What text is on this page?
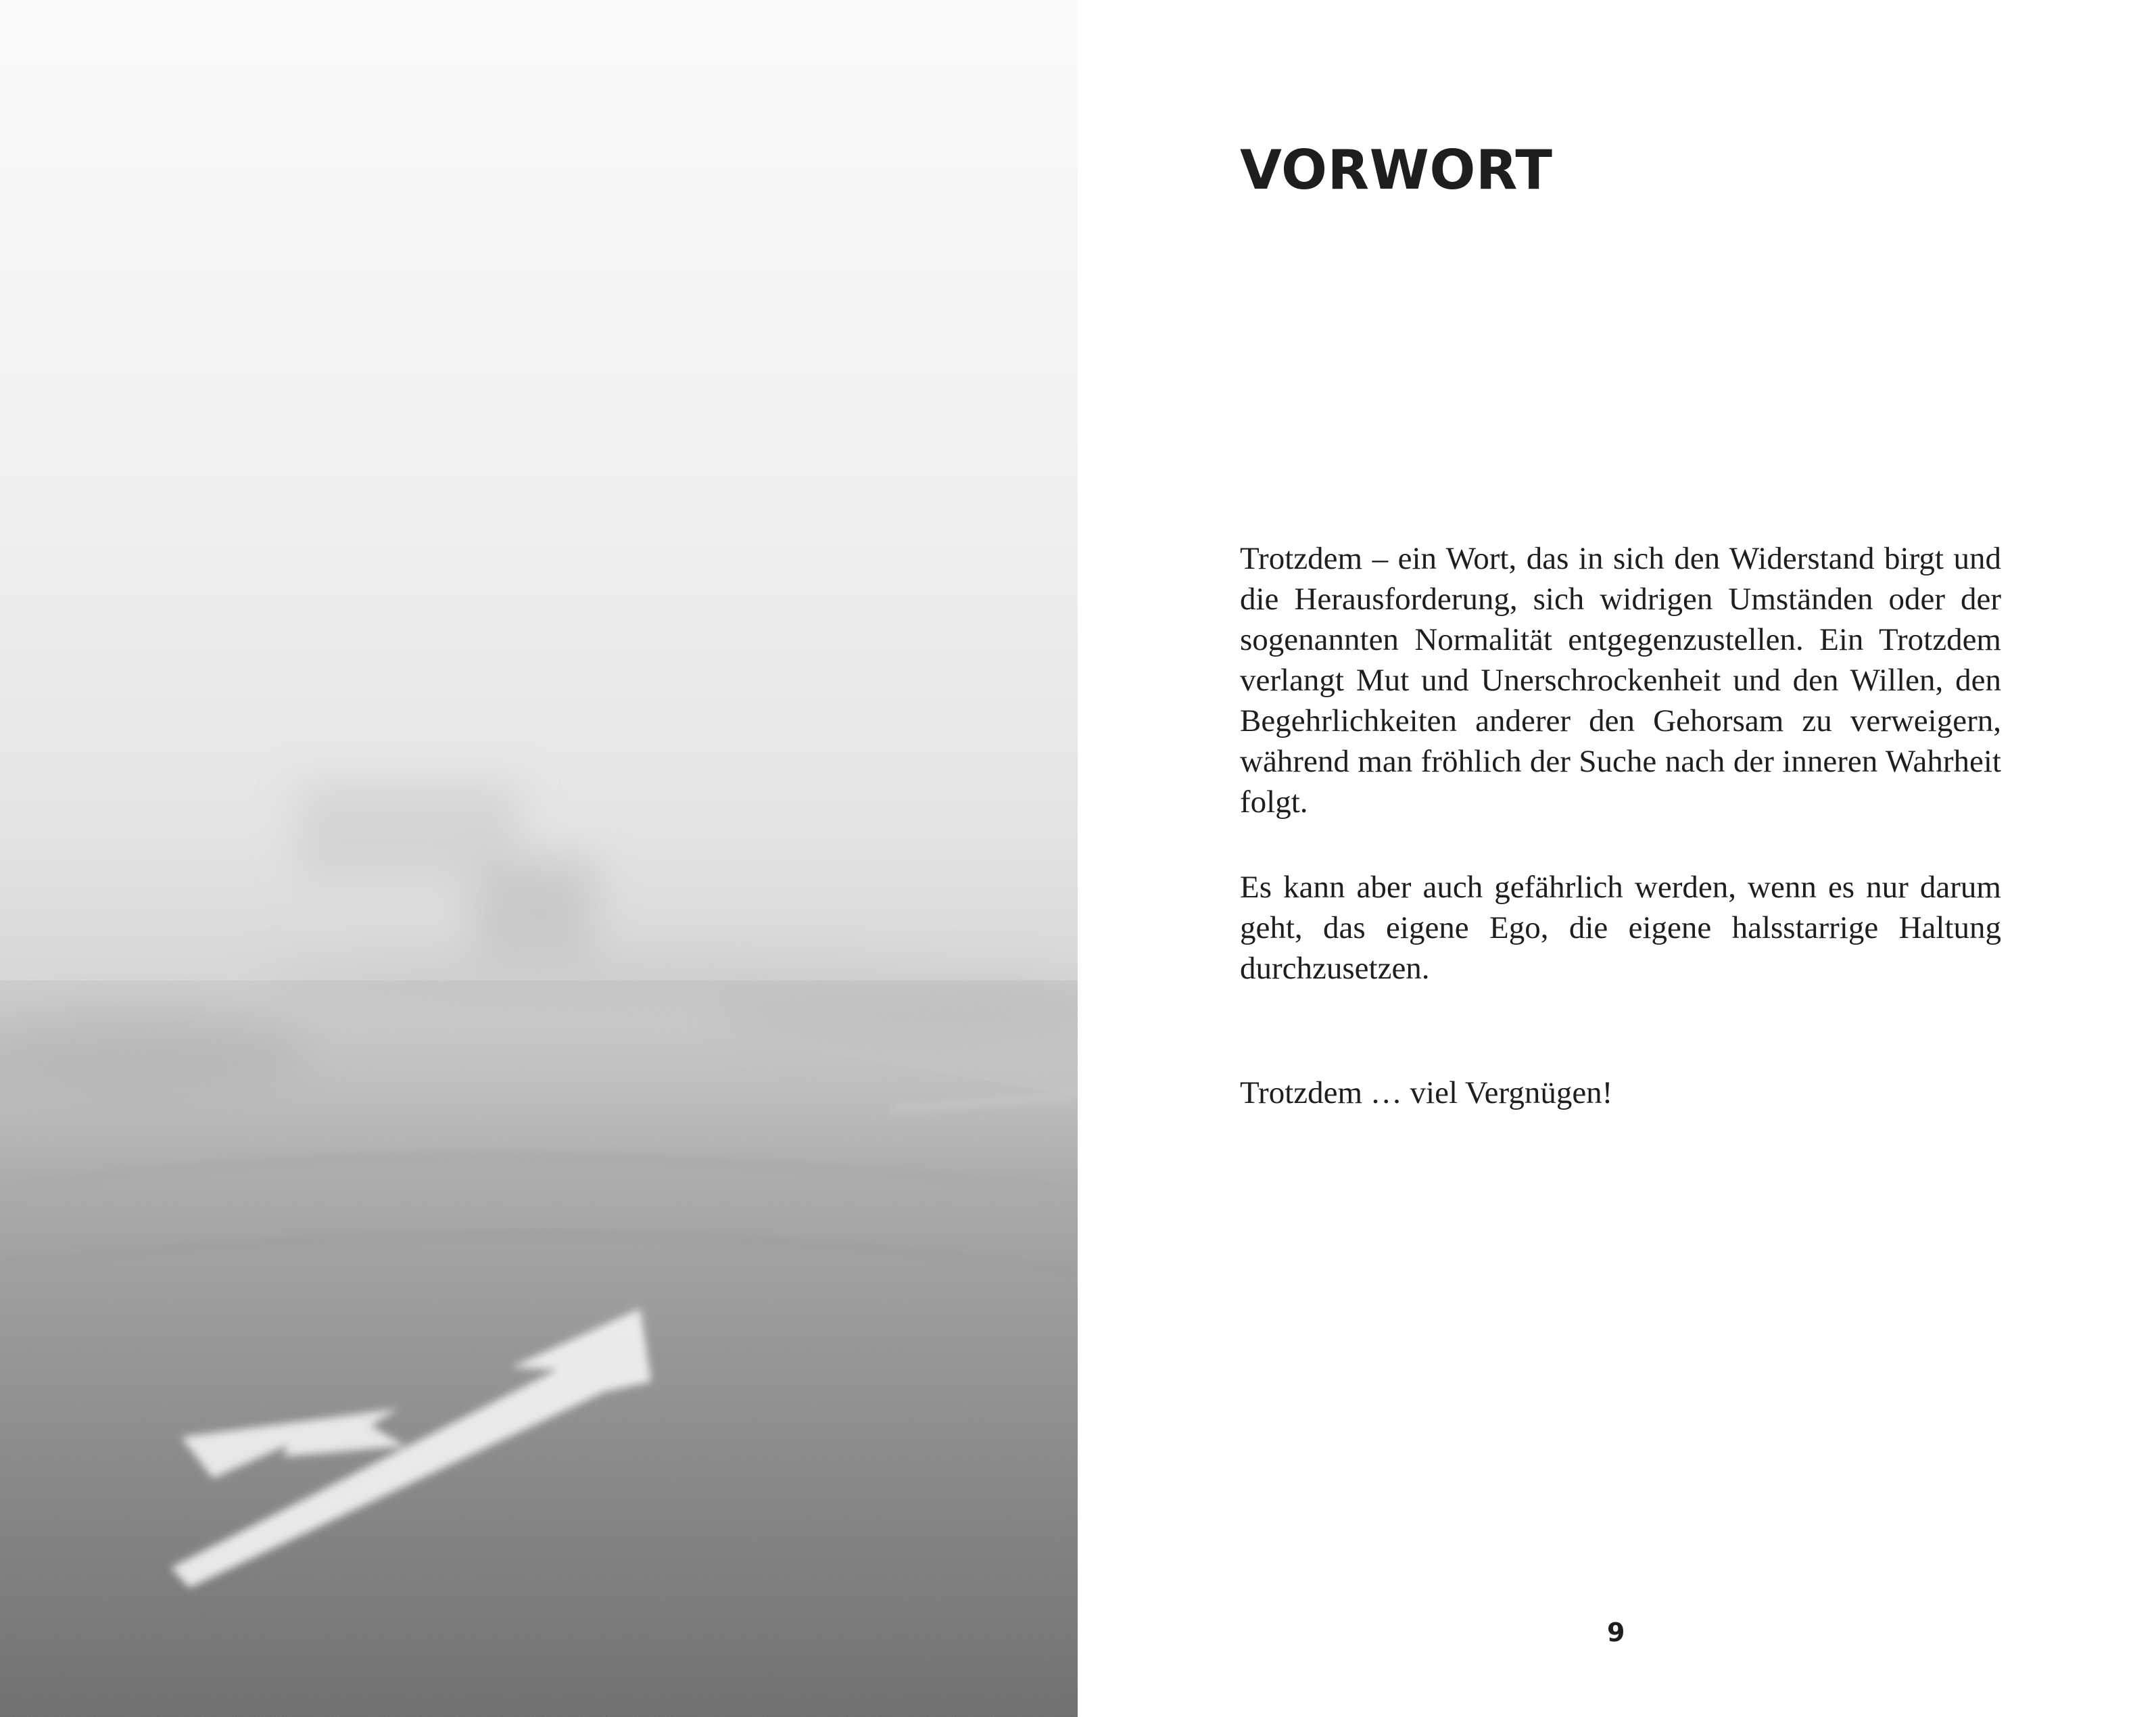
VORWORT

Trotzdem – ein Wort, das in sich den Widerstand birgt und die Herausforderung, sich widrigen Umständen oder der sogenannten Normalität entgegenzustellen. Ein Trotzdem verlangt Mut und Unerschrockenheit und den Willen, den Begehrlichkeiten anderer den Gehorsam zu verweigern, während man fröhlich der Suche nach der inneren Wahrheit folgt.

Es kann aber auch gefährlich werden, wenn es nur darum geht, das eigene Ego, die eigene halsstarrige Haltung durchzusetzen.

Trotzdem … viel Vergnügen!

9
